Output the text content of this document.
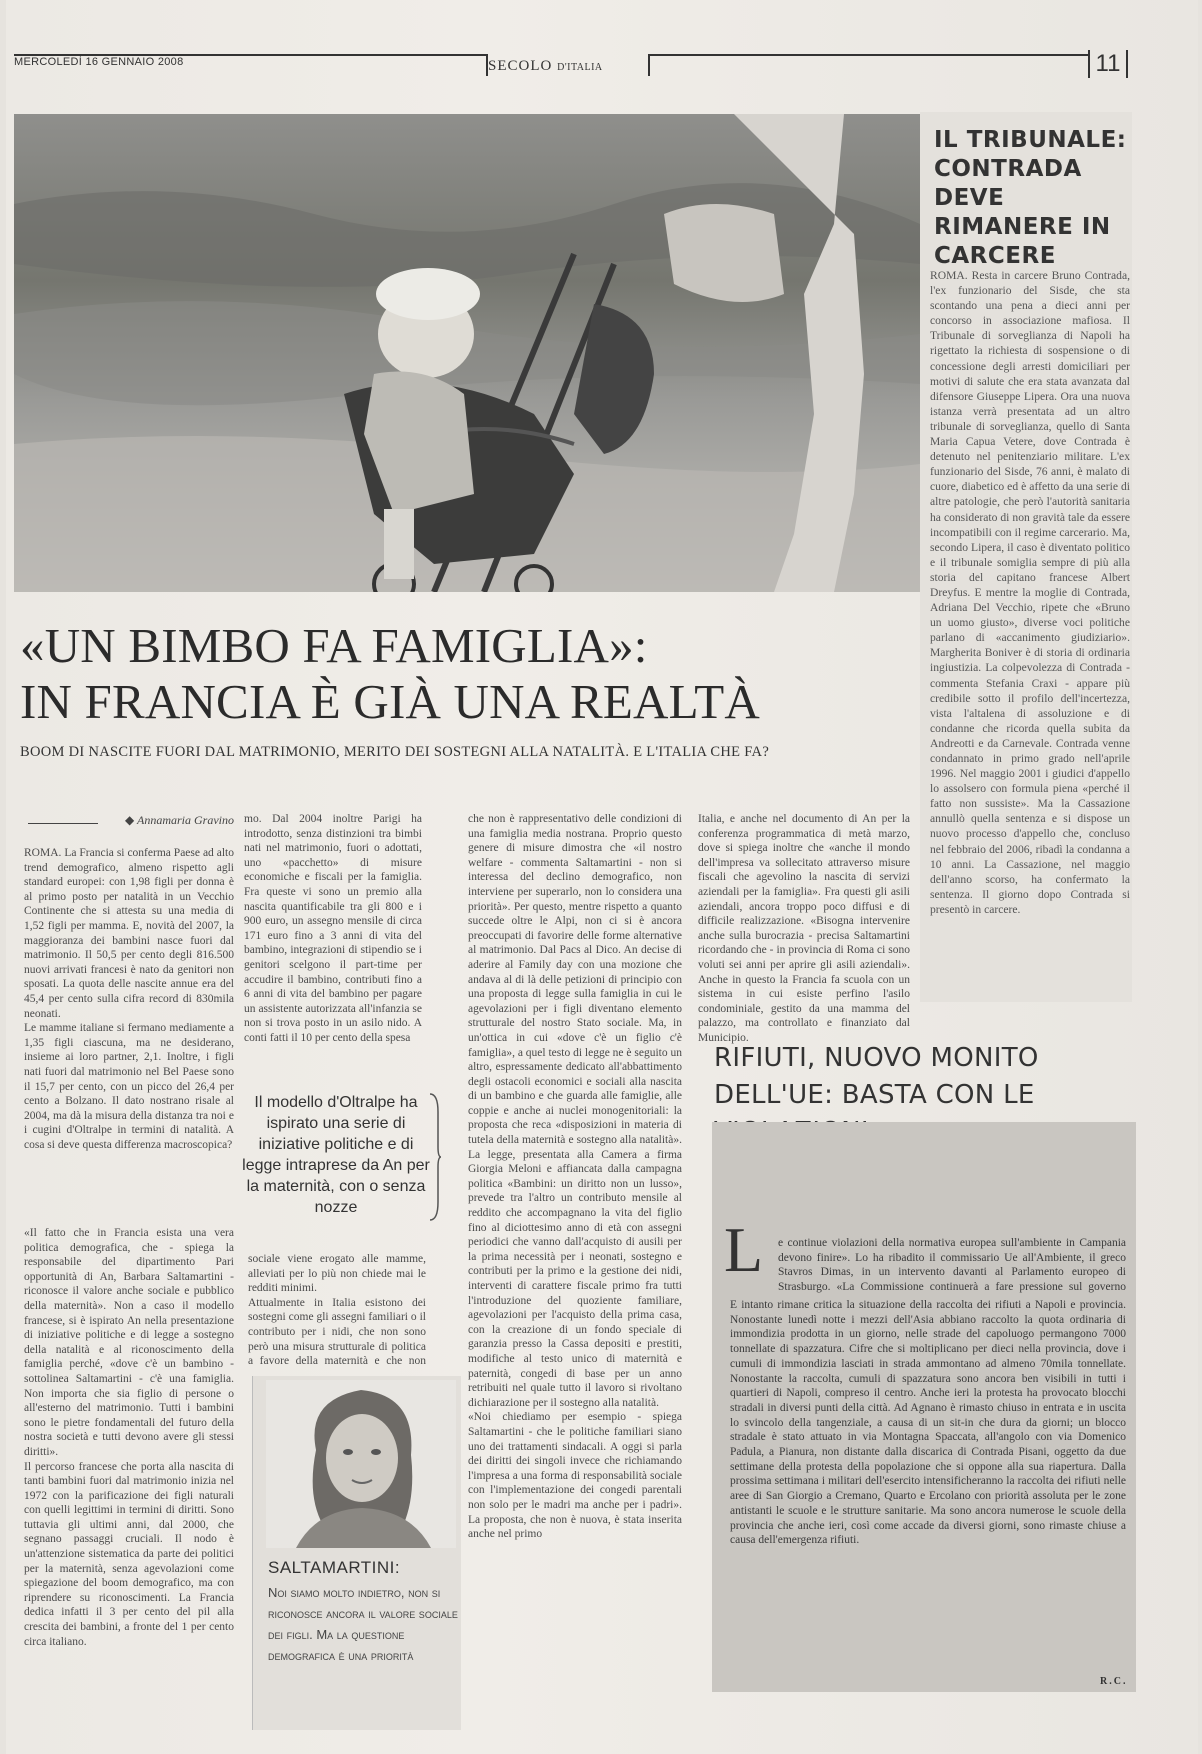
MERCOLEDÌ 16 GENNAIO 2008	SECOLO D'ITALIA	11
IL TRIBUNALE: CONTRADA DEVE RIMANERE IN CARCERE
ROMA. Resta in carcere Bruno Contrada, l'ex funzionario del Sisde, che sta scontando una pena a dieci anni per concorso in associazione mafiosa. Il Tribunale di sorveglianza di Napoli ha rigettato la richiesta di sospensione o di concessione degli arresti domiciliari per motivi di salute che era stata avanzata dal difensore Giuseppe Lipera. Ora una nuova istanza verrà presentata ad un altro tribunale di sorveglianza, quello di Santa Maria Capua Vetere, dove Contrada è detenuto nel penitenziario militare. L'ex funzionario del Sisde, 76 anni, è malato di cuore, diabetico ed è affetto da una serie di altre patologie, che però l'autorità sanitaria ha considerato di non gravità tale da essere incompatibili con il regime carcerario. Ma, secondo Lipera, il caso è diventato politico e il tribunale somiglia sempre di più alla storia del capitano francese Albert Dreyfus. E mentre la moglie di Contrada, Adriana Del Vecchio, ripete che «Bruno un uomo giusto», diverse voci politiche parlano di «accanimento giudiziario». Margherita Boniver è di storia di ordinaria ingiustizia. La colpevolezza di Contrada - commenta Stefania Craxi - appare più credibile sotto il profilo dell'incertezza, vista l'altalena di assoluzione e di condanne che ricorda quella subita da Andreotti e da Carnevale. Contrada venne condannato in primo grado nell'aprile 1996. Nel maggio 2001 i giudici d'appello lo assolsero con formula piena «perché il fatto non sussiste». Ma la Cassazione annullò quella sentenza e si dispose un nuovo processo d'appello che, concluso nel febbraio del 2006, ribadì la condanna a 10 anni. La Cassazione, nel maggio dell'anno scorso, ha confermato la sentenza. Il giorno dopo Contrada si presentò in carcere.
«UN BIMBO FA FAMIGLIA»:
IN FRANCIA È GIÀ UNA REALTÀ
BOOM DI NASCITE FUORI DAL MATRIMONIO, MERITO DEI SOSTEGNI ALLA NATALITÀ. E L'ITALIA CHE FA?
◆ Annamaria Gravino
ROMA. La Francia si conferma Paese ad alto trend demografico, almeno rispetto agli standard europei: con 1,98 figli per donna è al primo posto per natalità in un Vecchio Continente che si attesta su una media di 1,52 figli per mamma. E, novità del 2007, la maggioranza dei bambini nasce fuori dal matrimonio. Il 50,5 per cento degli 816.500 nuovi arrivati francesi è nato da genitori non sposati. La quota delle nascite annue era del 45,4 per cento sulla cifra record di 830mila neonati.
Le mamme italiane si fermano mediamente a 1,35 figli ciascuna, ma ne desiderano, insieme ai loro partner, 2,1. Inoltre, i figli nati fuori dal matrimonio nel Bel Paese sono il 15,7 per cento, con un picco del 26,4 per cento a Bolzano. Il dato nostrano risale al 2004, ma dà la misura della distanza tra noi e i cugini d'Oltralpe in termini di natalità. A cosa si deve questa differenza macroscopica?
«Il fatto che in Francia esista una vera politica demografica, che - spiega la responsabile del dipartimento Pari opportunità di An, Barbara Saltamartini - riconosce il valore anche sociale e pubblico della maternità». Non a caso il modello francese, si è ispirato An nella presentazione di iniziative politiche e di legge a sostegno della natalità e al riconoscimento della famiglia perché, «dove c'è un bambino - sottolinea Saltamartini - c'è una famiglia. Non importa che sia figlio di persone o all'esterno del matrimonio. Tutti i bambini sono le pietre fondamentali del futuro della nostra società e tutti devono avere gli stessi diritti».
Il percorso francese che porta alla nascita di tanti bambini fuori dal matrimonio inizia nel 1972 con la parificazione dei figli naturali con quelli legittimi in termini di diritti. Sono tuttavia gli ultimi anni, dal 2000, che segnano passaggi cruciali. Il nodo è un'attenzione sistematica da parte dei politici per la maternità, senza agevolazioni come spiegazione del boom demografico, ma con riprendere su riconoscimenti. La Francia dedica infatti il 3 per cento del pil alla crescita dei bambini, a fronte del 1 per cento circa italiano.
mo. Dal 2004 inoltre Parigi ha introdotto, senza distinzioni tra bimbi nati nel matrimonio, fuori o adottati, uno «pacchetto» di misure economiche e fiscali per la famiglia. Fra queste vi sono un premio alla nascita quantificabile tra gli 800 e i 900 euro, un assegno mensile di circa 171 euro fino a 3 anni di vita del bambino, integrazioni di stipendio se i genitori scelgono il part-time per accudire il bambino, contributi fino a 6 anni di vita del bambino per pagare un assistente autorizzata all'infanzia se non si trova posto in un asilo nido. A conti fatti il 10 per cento della spesa
Il modello d'Oltralpe ha ispirato una serie di iniziative politiche e di legge intraprese da An per la maternità, con o senza nozze
sociale viene erogato alle mamme, alleviati per lo più non chiede mai le redditi minimi.
Attualmente in Italia esistono dei sostegni come gli assegni familiari o il contributo per i nidi, che non sono però una misura strutturale di politica a favore della maternità e che non
SALTAMARTINI:
Noi siamo molto indietro, non si riconosce ancora il valore sociale dei figli. Ma la questione demografica è una priorità
che non è rappresentativo delle condizioni di una famiglia media nostrana. Proprio questo genere di misure dimostra che «il nostro welfare - commenta Saltamartini - non si interessa del declino demografico, non interviene per superarlo, non lo considera una priorità». Per questo, mentre rispetto a quanto succede oltre le Alpi, non ci si è ancora preoccupati di favorire delle forme alternative al matrimonio. Dal Pacs al Dico. An decise di aderire al Family day con una mozione che andava al di là delle petizioni di principio con una proposta di legge sulla famiglia in cui le agevolazioni per i figli diventano elemento strutturale del nostro Stato sociale. Ma, in un'ottica in cui «dove c'è un figlio c'è famiglia», a quel testo di legge ne è seguito un altro, espressamente dedicato all'abbattimento degli ostacoli economici e sociali alla nascita di un bambino e che guarda alle famiglie, alle coppie e anche ai nuclei monogenitoriali: la proposta che reca «disposizioni in materia di tutela della maternità e sostegno alla natalità». La legge, presentata alla Camera a firma Giorgia Meloni e affiancata dalla campagna politica «Bambini: un diritto non un lusso», prevede tra l'altro un contributo mensile al reddito che accompagnano la vita del figlio fino al diciottesimo anno di età con assegni periodici che vanno dall'acquisto di ausili per la prima necessità per i neonati, sostegno e contributi per la primo e la gestione dei nidi, interventi di carattere fiscale primo fra tutti l'introduzione del quoziente familiare, agevolazioni per l'acquisto della prima casa, con la creazione di un fondo speciale di garanzia presso la Cassa depositi e prestiti, modifiche al testo unico di maternità e paternità, congedi di base per un anno retribuiti nel quale tutto il lavoro si rivoltano dichiarazione per il sostegno alla natalità.
«Noi chiediamo per esempio - spiega Saltamartini - che le politiche familiari siano uno dei trattamenti sindacali. A oggi si parla dei diritti dei singoli invece che richiamando l'impresa a una forma di responsabilità sociale con l'implementazione dei congedi parentali non solo per le madri ma anche per i padri». La proposta, che non è nuova, è stata inserita anche nel primo
Italia, e anche nel documento di An per la conferenza programmatica di metà marzo, dove si spiega inoltre che «anche il mondo dell'impresa va sollecitato attraverso misure fiscali che agevolino la nascita di servizi aziendali per la famiglia». Fra questi gli asili aziendali, ancora troppo poco diffusi e di difficile realizzazione. «Bisogna intervenire anche sulla burocrazia - precisa Saltamartini ricordando che - in provincia di Roma ci sono voluti sei anni per aprire gli asili aziendali». Anche in questo la Francia fa scuola con un sistema in cui esiste perfino l'asilo condominiale, gestito da una mamma del palazzo, ma controllato e finanziato dal Municipio.
RIFIUTI, NUOVO MONITO DELL'UE: BASTA CON LE
L e continue violazioni della normativa europea sull'ambiente in Campania devono finire». Lo ha ribadito il commissario Ue all'Ambiente, il greco Stavros Dimas, in un intervento davanti al Parlamento europeo di Strasburgo. «La Commissione continuerà a fare pressione sul governo
E intanto rimane critica la situazione della raccolta dei rifiuti a Napoli e provincia. Nonostante lunedì notte i mezzi dell'Asia abbiano raccolto la quota ordinaria di immondizia prodotta in un giorno, nelle strade del capoluogo permangono 7000 tonnellate di spazzatura. Cifre che si moltiplicano per dieci nella provincia, dove i cumuli di immondizia lasciati in strada ammontano ad almeno 70mila tonnellate. Nonostante la raccolta, cumuli di spazzatura sono ancora ben visibili in tutti i quartieri di Napoli, compreso il centro. Anche ieri la protesta ha provocato blocchi stradali in diversi punti della città. Ad Agnano è rimasto chiuso in entrata e in uscita lo svincolo della tangenziale, a causa di un sit-in che dura da giorni; un blocco stradale è stato attuato in via Montagna Spaccata, all'angolo con via Domenico Padula, a Pianura, non distante dalla discarica di Contrada Pisani, oggetto da due settimane della protesta della popolazione che si oppone alla sua riapertura. Dalla prossima settimana i militari dell'esercito intensificheranno la raccolta dei rifiuti nelle aree di San Giorgio a Cremano, Quarto e Ercolano con priorità assoluta per le zone antistanti le scuole e le strutture sanitarie. Ma sono ancora numerose le scuole della provincia che anche ieri, così come accade da diversi giorni, sono rimaste chiuse a causa dell'emergenza rifiuti.
R.C.
